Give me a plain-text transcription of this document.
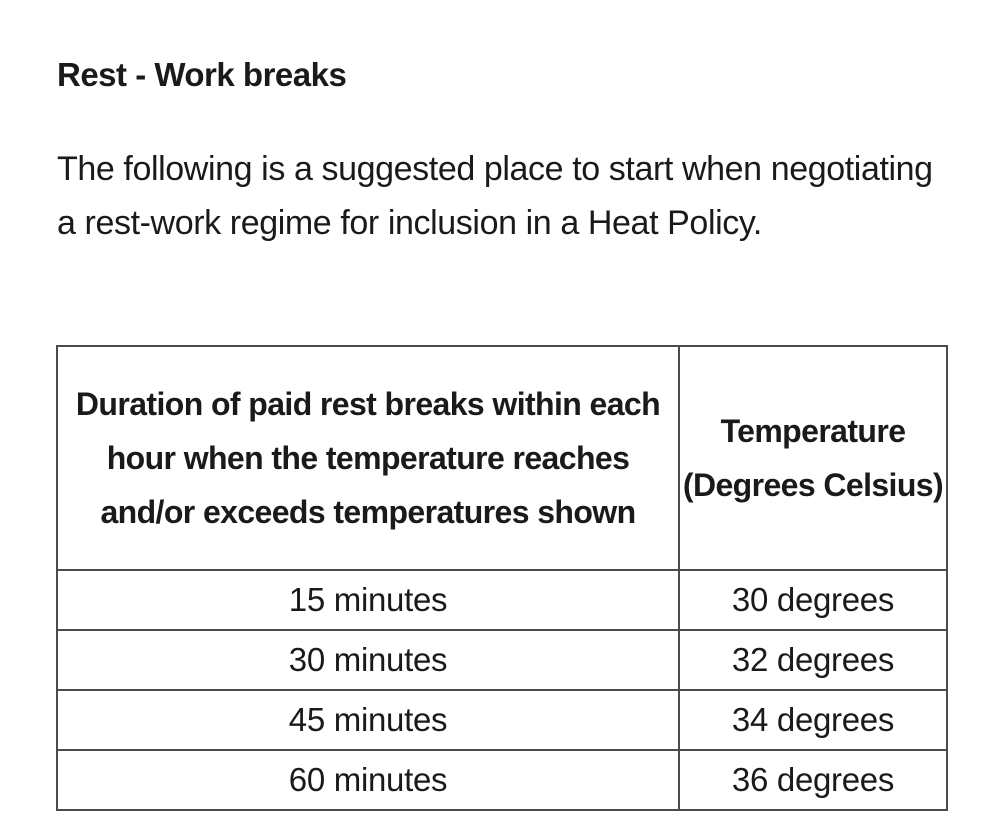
Rest - Work breaks

The following is a suggested place to start when negotiating a rest-work regime for inclusion in a Heat Policy.

Duration of paid rest breaks within each hour when the temperature reaches and/or exceeds temperatures shown	Temperature (Degrees Celsius)
15 minutes	30 degrees
30 minutes	32 degrees
45 minutes	34 degrees
60 minutes	36 degrees
